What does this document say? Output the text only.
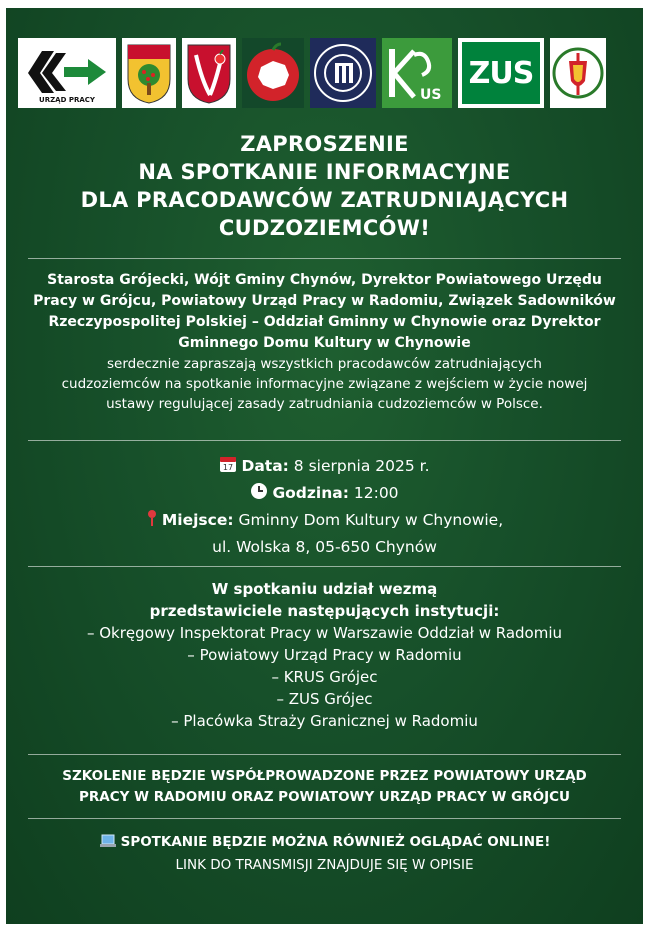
URZĄD PRACY	US
ZUS
ZAPROSZENIE
NA SPOTKANIE INFORMACYJNE
DLA PRACODAWCÓW ZATRUDNIAJĄCYCH
CUDZOZIEMCÓW!
Starosta Grójecki, Wójt Gminy Chynów, Dyrektor Powiatowego Urzędu
Pracy w Grójcu, Powiatowy Urząd Pracy w Radomiu, Związek Sadowników
Rzeczypospolitej Polskiej – Oddział Gminny w Chynowie oraz Dyrektor
Gminnego Domu Kultury w Chynowie
serdecznie zapraszają wszystkich pracodawców zatrudniających
cudzoziemców na spotkanie informacyjne związane z wejściem w życie nowej
ustawy regulującej zasady zatrudniania cudzoziemców w Polsce.
17 Data: 8 sierpnia 2025 r.
Godzina: 12:00
Miejsce: Gminny Dom Kultury w Chynowie,
ul. Wolska 8, 05-650 Chynów
W spotkaniu udział wezmą
przedstawiciele następujących instytucji:
– Okręgowy Inspektorat Pracy w Warszawie Oddział w Radomiu
– Powiatowy Urząd Pracy w Radomiu
– KRUS Grójec
– ZUS Grójec
– Placówka Straży Granicznej w Radomiu
SZKOLENIE BĘDZIE WSPÓŁPROWADZONE PRZEZ POWIATOWY URZĄD
PRACY W RADOMIU ORAZ POWIATOWY URZĄD PRACY W GRÓJCU
SPOTKANIE BĘDZIE MOŻNA RÓWNIEŻ OGLĄDAĆ ONLINE!
LINK DO TRANSMISJI ZNAJDUJE SIĘ W OPISIE
